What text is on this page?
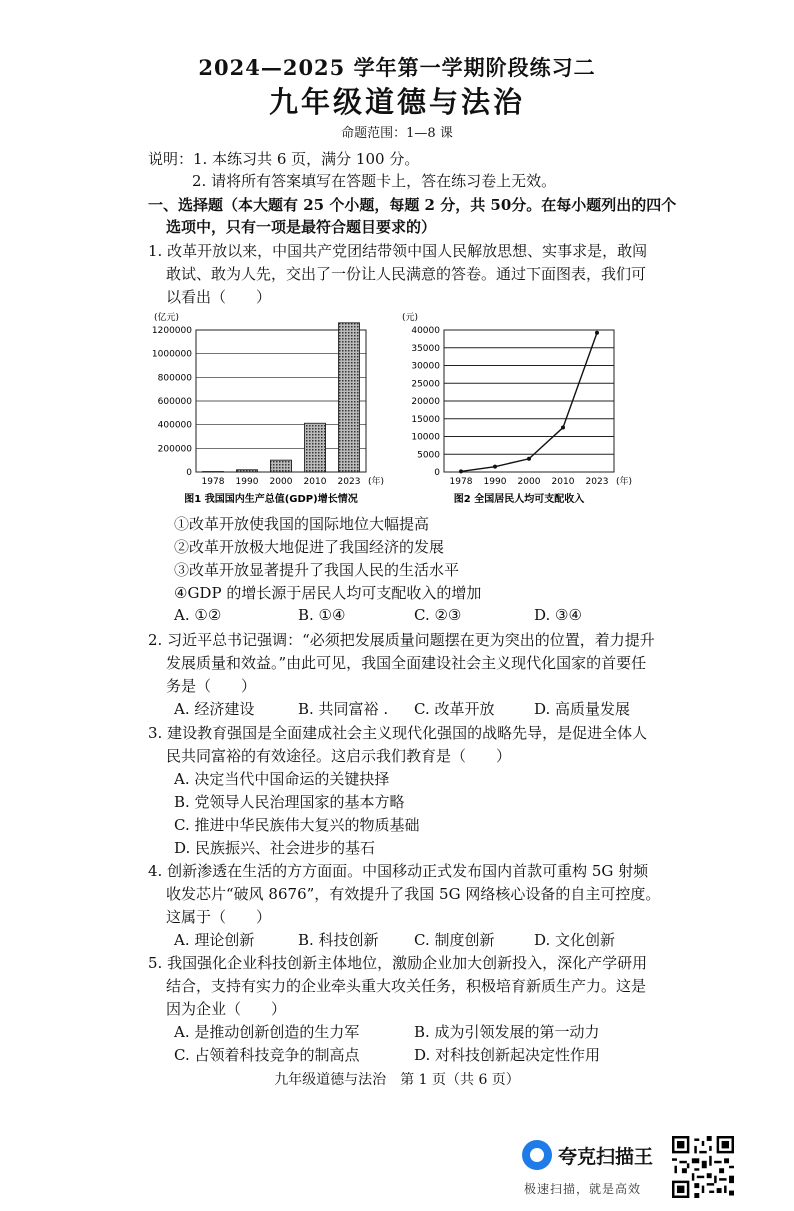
2024—2025 学年第一学期阶段练习二
九年级道德与法治
命题范围：1—8 课
说明：1. 本练习共 6 页，满分 100 分。
2. 请将所有答案填写在答题卡上，答在练习卷上无效。
一、选择题（本大题有 25 个小题，每题 2 分，共 50分。在每小题列出的四个
选项中，只有一项是最符合题目要求的）
1. 改革开放以来，中国共产党团结带领中国人民解放思想、实事求是，敢闯
敢试、敢为人先，交出了一份让人民满意的答卷。通过下面图表，我们可
以看出（　　）
(亿元)
0
200000
400000
600000
800000
1000000
1200000
1978 1990 2000 2010 2023 (年)
图1 我国国内生产总值(GDP)增长情况
(元)
0
5000
10000
15000
20000
25000
30000
35000
40000
1978 1990 2000 2010 2023 (年)
图2 全国居民人均可支配收入
①改革开放使我国的国际地位大幅提高
②改革开放极大地促进了我国经济的发展
③改革开放显著提升了我国人民的生活水平
④GDP 的增长源于居民人均可支配收入的增加
A. ①②	B. ①④	C. ②③	D. ③④
2. 习近平总书记强调：“必须把发展质量问题摆在更为突出的位置，着力提升
发展质量和效益。”由此可见，我国全面建设社会主义现代化国家的首要任
务是（　　）
A. 经济建设	B. 共同富裕 . C. 改革开放	D. 高质量发展
3. 建设教育强国是全面建成社会主义现代化强国的战略先导，是促进全体人
民共同富裕的有效途径。这启示我们教育是（　　）
A. 决定当代中国命运的关键抉择
B. 党领导人民治理国家的基本方略
C. 推进中华民族伟大复兴的物质基础
D. 民族振兴、社会进步的基石
4. 创新渗透在生活的方方面面。中国移动正式发布国内首款可重构 5G 射频
收发芯片“破风 8676”，有效提升了我国 5G 网络核心设备的自主可控度。
这属于（　　）
A. 理论创新	B. 科技创新 C. 制度创新	D. 文化创新
5. 我国强化企业科技创新主体地位，激励企业加大创新投入，深化产学研用
结合，支持有实力的企业牵头重大攻关任务，积极培育新质生产力。这是
因为企业（　　）
A. 是推动创新创造的生力军	B. 成为引领发展的第一动力
C. 占领着科技竞争的制高点	D. 对科技创新起决定性作用
九年级道德与法治　第 1 页（共 6 页）
夸克扫描王
极速扫描，就是高效
